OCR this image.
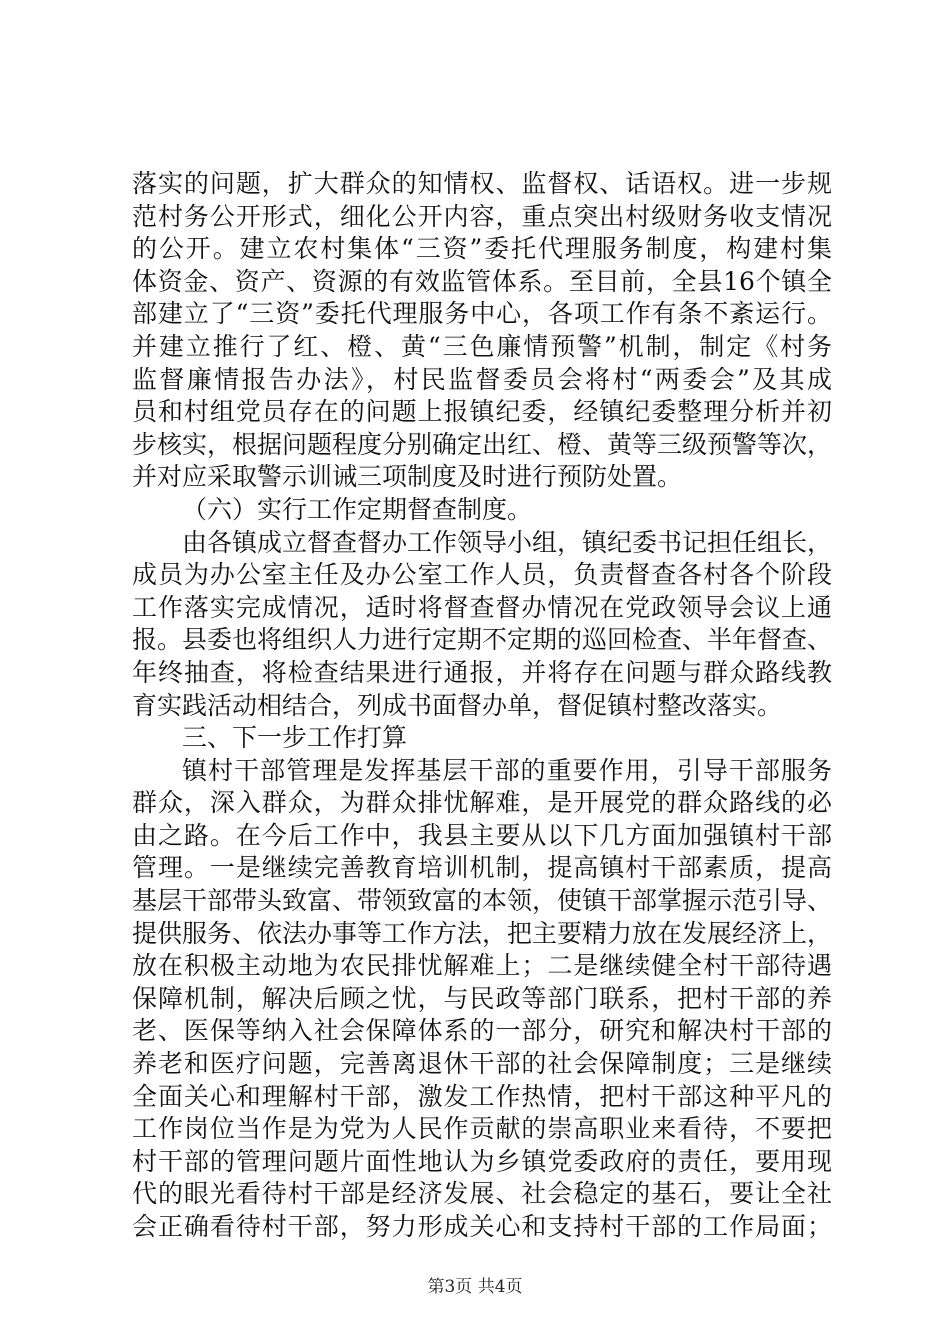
落实的问题，扩大群众的知情权、监督权、话语权。进一步规
范村务公开形式，细化公开内容，重点突出村级财务收支情况
的公开。建立农村集体“三资”委托代理服务制度，构建村集
体资金、资产、资源的有效监管体系。至目前，全县16个镇全
部建立了“三资”委托代理服务中心，各项工作有条不紊运行。
并建立推行了红、橙、黄“三色廉情预警”机制，制定《村务
监督廉情报告办法》，村民监督委员会将村“两委会”及其成
员和村组党员存在的问题上报镇纪委，经镇纪委整理分析并初
步核实，根据问题程度分别确定出红、橙、黄等三级预警等次，
并对应采取警示训诫三项制度及时进行预防处置。
（六）实行工作定期督查制度。
由各镇成立督查督办工作领导小组，镇纪委书记担任组长，
成员为办公室主任及办公室工作人员，负责督查各村各个阶段
工作落实完成情况，适时将督查督办情况在党政领导会议上通
报。县委也将组织人力进行定期不定期的巡回检查、半年督查、
年终抽查，将检查结果进行通报，并将存在问题与群众路线教
育实践活动相结合，列成书面督办单，督促镇村整改落实。
三、下一步工作打算
镇村干部管理是发挥基层干部的重要作用，引导干部服务
群众，深入群众，为群众排忧解难，是开展党的群众路线的必
由之路。在今后工作中，我县主要从以下几方面加强镇村干部
管理。一是继续完善教育培训机制，提高镇村干部素质，提高
基层干部带头致富、带领致富的本领，使镇干部掌握示范引导、
提供服务、依法办事等工作方法，把主要精力放在发展经济上，
放在积极主动地为农民排忧解难上；二是继续健全村干部待遇
保障机制，解决后顾之忧，与民政等部门联系，把村干部的养
老、医保等纳入社会保障体系的一部分，研究和解决村干部的
养老和医疗问题，完善离退休干部的社会保障制度；三是继续
全面关心和理解村干部，激发工作热情，把村干部这种平凡的
工作岗位当作是为党为人民作贡献的崇高职业来看待，不要把
村干部的管理问题片面性地认为乡镇党委政府的责任，要用现
代的眼光看待村干部是经济发展、社会稳定的基石，要让全社
会正确看待村干部，努力形成关心和支持村干部的工作局面；
第3页 共4页
